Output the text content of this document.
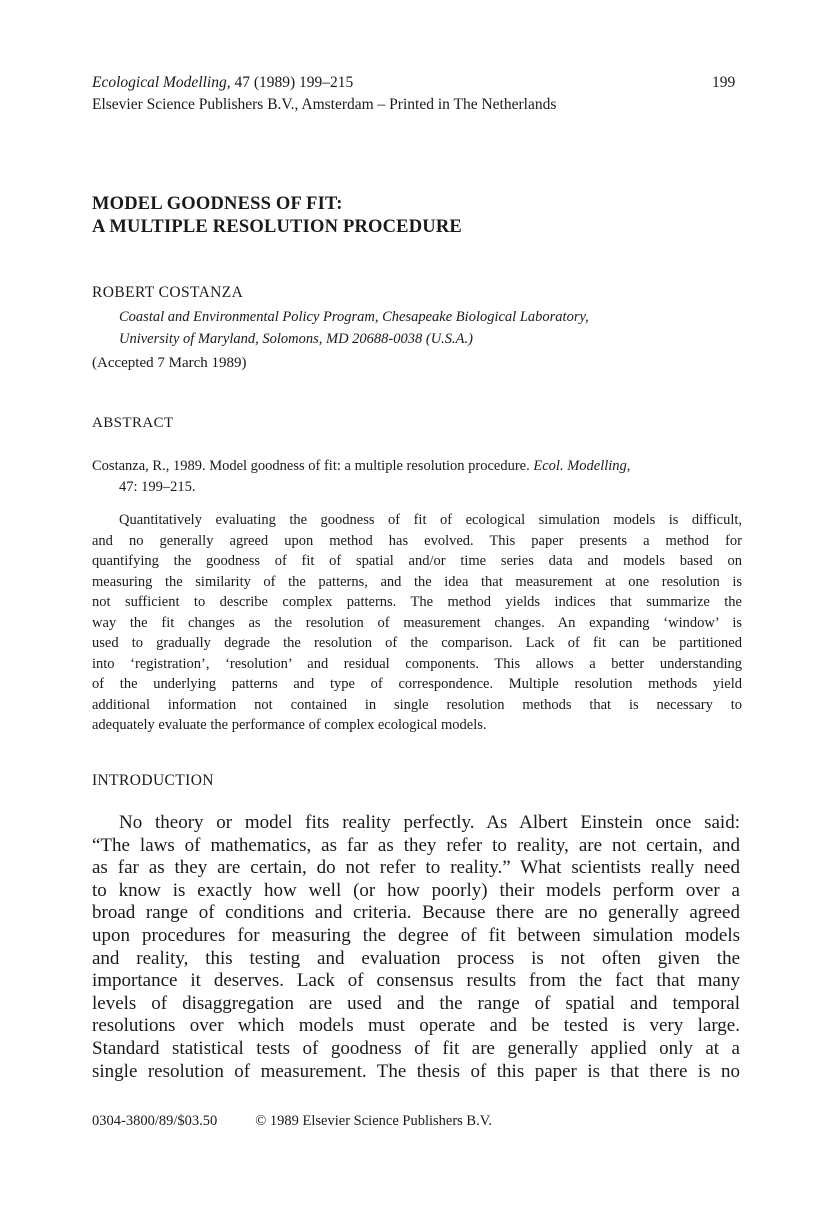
Ecological Modelling, 47 (1989) 199–215	199
Elsevier Science Publishers B.V., Amsterdam – Printed in The Netherlands
MODEL GOODNESS OF FIT:
A MULTIPLE RESOLUTION PROCEDURE
ROBERT COSTANZA
Coastal and Environmental Policy Program, Chesapeake Biological Laboratory,
University of Maryland, Solomons, MD 20688-0038 (U.S.A.)
(Accepted 7 March 1989)
ABSTRACT
Costanza, R., 1989. Model goodness of fit: a multiple resolution procedure. Ecol. Modelling,
47: 199–215.
Quantitatively evaluating the goodness of fit of ecological simulation models is difficult,
and no generally agreed upon method has evolved. This paper presents a method for
quantifying the goodness of fit of spatial and/or time series data and models based on
measuring the similarity of the patterns, and the idea that measurement at one resolution is
not sufficient to describe complex patterns. The method yields indices that summarize the
way the fit changes as the resolution of measurement changes. An expanding ‘window’ is
used to gradually degrade the resolution of the comparison. Lack of fit can be partitioned
into ‘registration’, ‘resolution’ and residual components. This allows a better understanding
of the underlying patterns and type of correspondence. Multiple resolution methods yield
additional information not contained in single resolution methods that is necessary to
adequately evaluate the performance of complex ecological models.
INTRODUCTION
No theory or model fits reality perfectly. As Albert Einstein once said:
“The laws of mathematics, as far as they refer to reality, are not certain, and
as far as they are certain, do not refer to reality.” What scientists really need
to know is exactly how well (or how poorly) their models perform over a
broad range of conditions and criteria. Because there are no generally agreed
upon procedures for measuring the degree of fit between simulation models
and reality, this testing and evaluation process is not often given the
importance it deserves. Lack of consensus results from the fact that many
levels of disaggregation are used and the range of spatial and temporal
resolutions over which models must operate and be tested is very large.
Standard statistical tests of goodness of fit are generally applied only at a
single resolution of measurement. The thesis of this paper is that there is no
0304-3800/89/$03.50	© 1989 Elsevier Science Publishers B.V.
